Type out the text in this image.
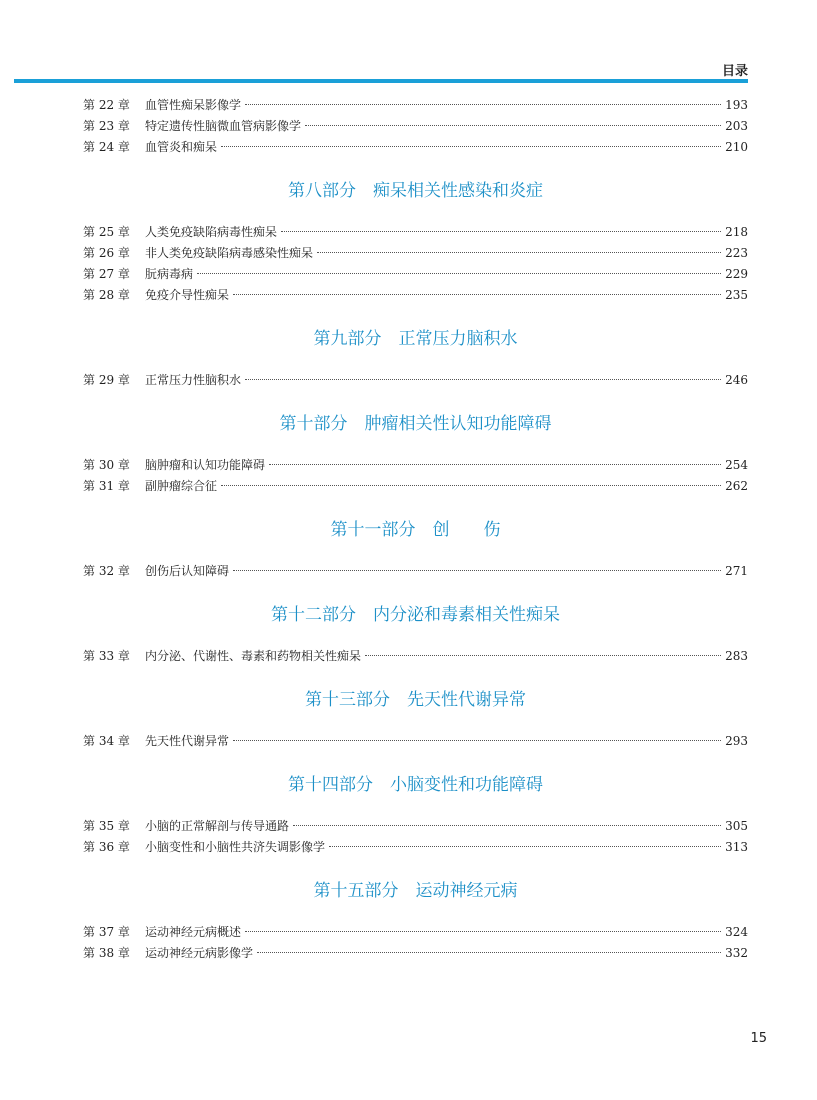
目录
第 22 章	血管性痴呆影像学	193
第 23 章	特定遗传性脑微血管病影像学	203
第 24 章	血管炎和痴呆	210
第八部分　痴呆相关性感染和炎症
第 25 章	人类免疫缺陷病毒性痴呆	218
第 26 章	非人类免疫缺陷病毒感染性痴呆	223
第 27 章	朊病毒病	229
第 28 章	免疫介导性痴呆	235
第九部分　正常压力脑积水
第 29 章	正常压力性脑积水	246
第十部分　肿瘤相关性认知功能障碍
第 30 章	脑肿瘤和认知功能障碍	254
第 31 章	副肿瘤综合征	262
第十一部分　创　　伤
第 32 章	创伤后认知障碍	271
第十二部分　内分泌和毒素相关性痴呆
第 33 章	内分泌、代谢性、毒素和药物相关性痴呆	283
第十三部分　先天性代谢异常
第 34 章	先天性代谢异常	293
第十四部分　小脑变性和功能障碍
第 35 章	小脑的正常解剖与传导通路	305
第 36 章	小脑变性和小脑性共济失调影像学	313
第十五部分　运动神经元病
第 37 章	运动神经元病概述	324
第 38 章	运动神经元病影像学	332
15
